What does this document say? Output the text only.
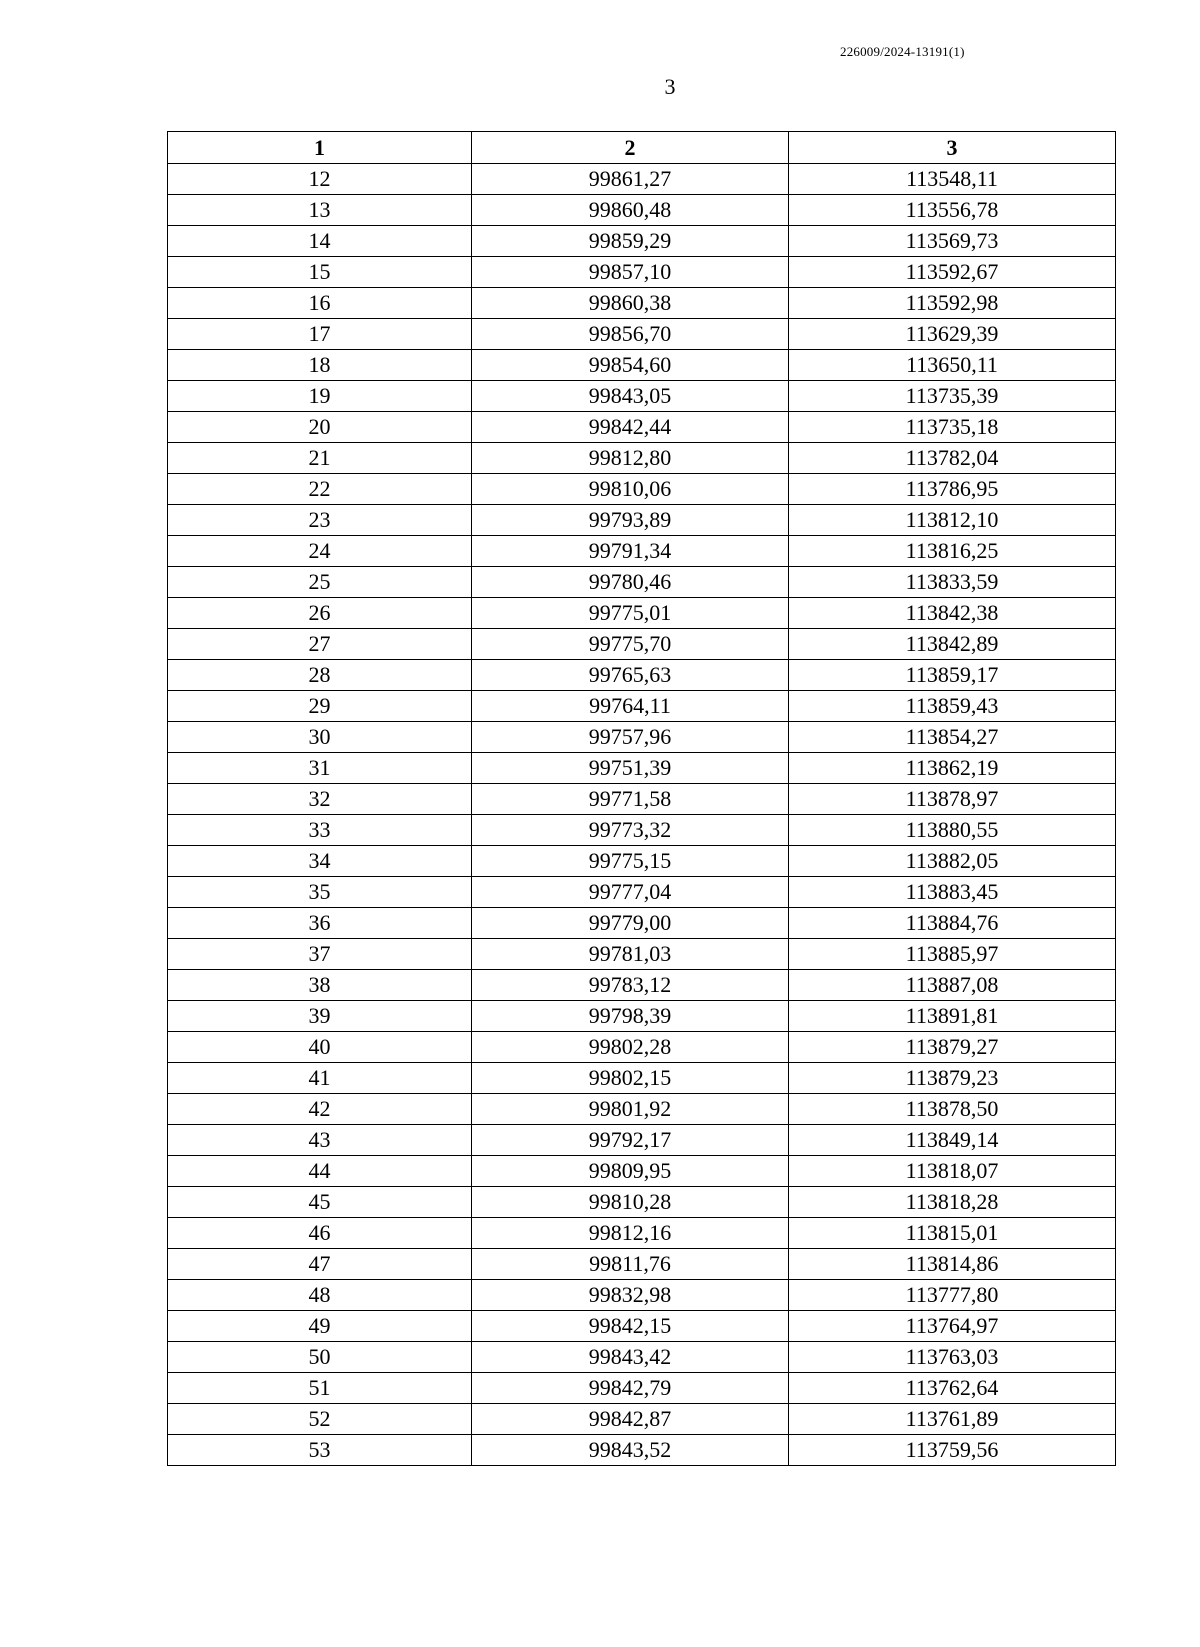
226009/2024-13191(1)
3
1	2	3
12	99861,27	113548,11
13	99860,48	113556,78
14	99859,29	113569,73
15	99857,10	113592,67
16	99860,38	113592,98
17	99856,70	113629,39
18	99854,60	113650,11
19	99843,05	113735,39
20	99842,44	113735,18
21	99812,80	113782,04
22	99810,06	113786,95
23	99793,89	113812,10
24	99791,34	113816,25
25	99780,46	113833,59
26	99775,01	113842,38
27	99775,70	113842,89
28	99765,63	113859,17
29	99764,11	113859,43
30	99757,96	113854,27
31	99751,39	113862,19
32	99771,58	113878,97
33	99773,32	113880,55
34	99775,15	113882,05
35	99777,04	113883,45
36	99779,00	113884,76
37	99781,03	113885,97
38	99783,12	113887,08
39	99798,39	113891,81
40	99802,28	113879,27
41	99802,15	113879,23
42	99801,92	113878,50
43	99792,17	113849,14
44	99809,95	113818,07
45	99810,28	113818,28
46	99812,16	113815,01
47	99811,76	113814,86
48	99832,98	113777,80
49	99842,15	113764,97
50	99843,42	113763,03
51	99842,79	113762,64
52	99842,87	113761,89
53	99843,52	113759,56
